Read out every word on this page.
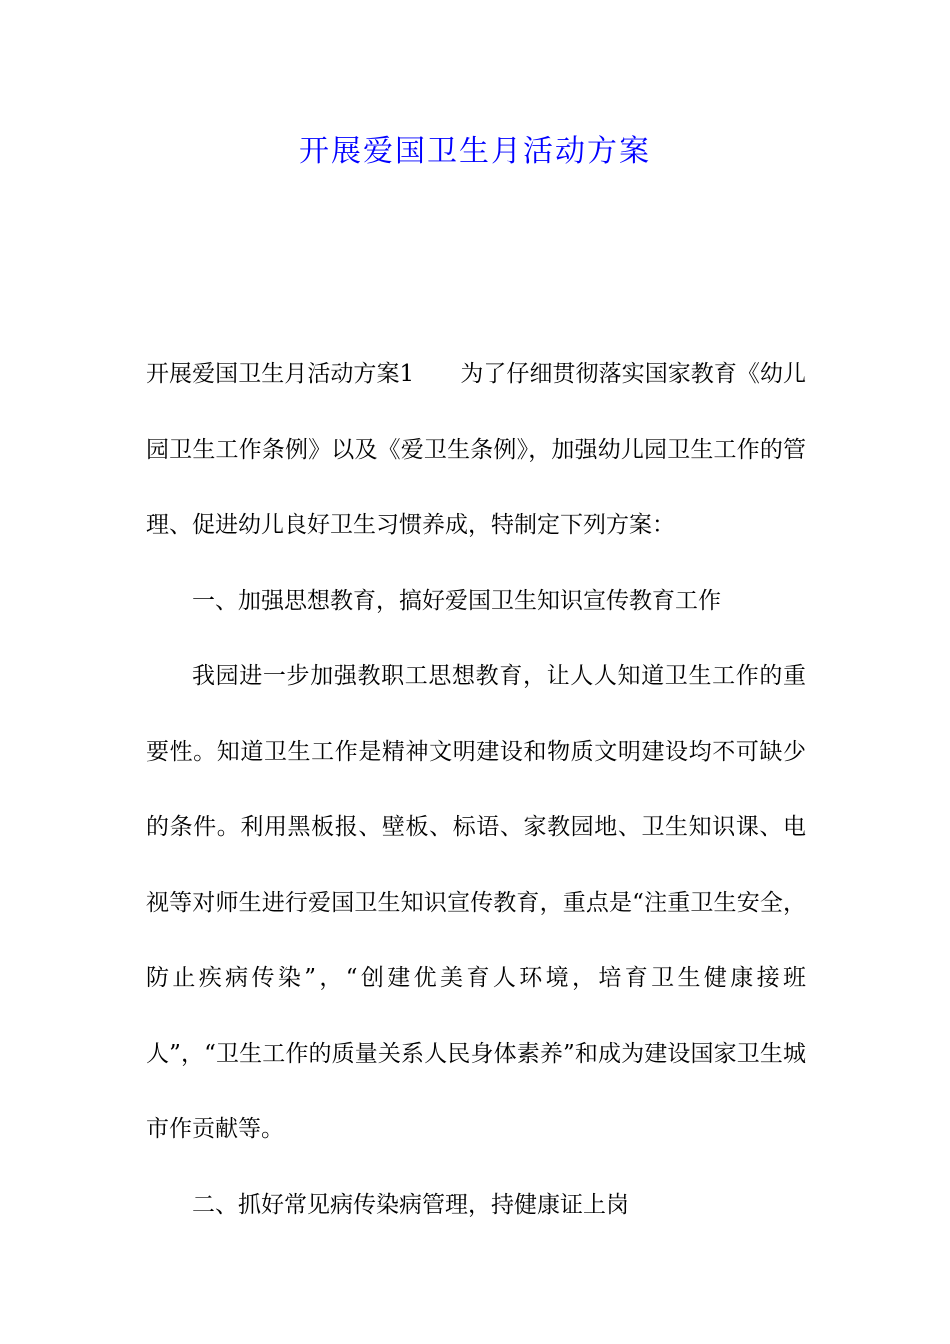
开展爱国卫生月活动方案

开展爱国卫生月活动方案1　　为了仔细贯彻落实国家教育《幼儿园卫生工作条例》以及《爱卫生条例》，加强幼儿园卫生工作的管理、促进幼儿良好卫生习惯养成，特制定下列方案：

一、加强思想教育，搞好爱国卫生知识宣传教育工作

我园进一步加强教职工思想教育，让人人知道卫生工作的重要性。知道卫生工作是精神文明建设和物质文明建设均不可缺少的条件。利用黑板报、壁板、标语、家教园地、卫生知识课、电视等对师生进行爱国卫生知识宣传教育，重点是“注重卫生安全，防止疾病传染”，“创建优美育人环境，培育卫生健康接班人”，“卫生工作的质量关系人民身体素养”和成为建设国家卫生城市作贡献等。

二、抓好常见病传染病管理，持健康证上岗
